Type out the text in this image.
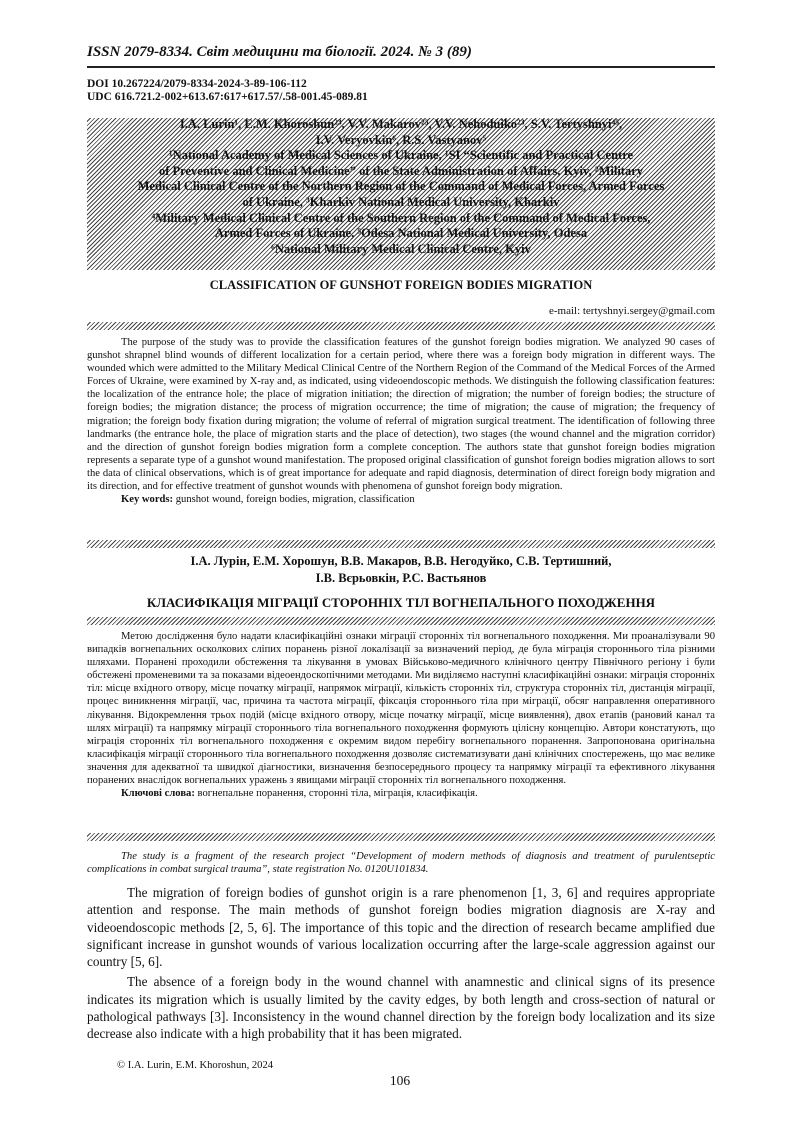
ISSN 2079-8334. Світ медицини та біології. 2024. № 3 (89)
DOI 10.267224/2079-8334-2024-3-89-106-112
UDC 616.721.2-002+613.67:617+617.57/.58-001.45-089.81
I.A. Lurin¹, E.M. Khoroshun²³, V.V. Makarov²³, V.V. Nehoduiko²³, S.V. Tertyshnyi⁴⁵,
I.V. Veryovkin⁶, R.S. Vastyanov⁵
¹National Academy of Medical Sciences of Ukraine, ¹SI “Scientific and Practical Centre
of Preventive and Clinical Medicine” of the State Administration of Affairs, Kyiv, ²Military
Medical Clinical Centre of the Northern Region of the Command of Medical Forces, Armed Forces
of Ukraine, ³Kharkiv National Medical University, Kharkiv
⁴Military Medical Clinical Centre of the Southern Region of the Command of Medical Forces,
Armed Forces of Ukraine, ⁵Odesa National Medical University, Odesa
⁶National Military Medical Clinical Centre, Kyiv
CLASSIFICATION OF GUNSHOT FOREIGN BODIES MIGRATION
e-mail: tertyshnyi.sergey@gmail.com
The purpose of the study was to provide the classification features of the gunshot foreign bodies migration. We analyzed 90 cases of gunshot shrapnel blind wounds of different localization for a certain period, where there was a foreign body migration in different ways. The wounded which were admitted to the Military Medical Clinical Centre of the Northern Region of the Command of the Medical Forces of the Armed Forces of Ukraine, were examined by X-ray and, as indicated, using videoendoscopic methods. We distinguish the following classification features: the localization of the entrance hole; the place of migration initiation; the direction of migration; the number of foreign bodies; the structure of foreign bodies; the migration distance; the process of migration occurrence; the time of migration; the cause of migration; the frequency of migration; the foreign body fixation during migration; the volume of referral of migration surgical treatment. The identification of following three landmarks (the entrance hole, the place of migration starts and the place of detection), two stages (the wound channel and the migration corridor) and the direction of gunshot foreign bodies migration form a complete conception. The authors state that gunshot foreign bodies migration represents a separate type of a gunshot wound manifestation. The proposed original classification of gunshot foreign bodies migration allows to sort the data of clinical observations, which is of great importance for adequate and rapid diagnosis, determination of direct foreign body migration and its direction, and for effective treatment of gunshot wounds with phenomena of gunshot foreign body migration.
Key words: gunshot wound, foreign bodies, migration, classification
І.А. Лурін, Е.М. Хорошун, В.В. Макаров, В.В. Негодуйко, С.В. Тертишний,
І.В. Вєрьовкін, Р.С. Вастьянов
КЛАСИФІКАЦІЯ МІГРАЦІЇ СТОРОННІХ ТІЛ ВОГНЕПАЛЬНОГО ПОХОДЖЕННЯ
Метою дослідження було надати класифікаційні ознаки міграції сторонніх тіл вогнепального походження. Ми проаналізували 90 випадків вогнепальних осколкових сліпих поранень різної локалізації за визначений період, де була міграція стороннього тіла різними шляхами. Поранені проходили обстеження та лікування в умовах Військово-медичного клінічного центру Північного регіону і були обстежені променевими та за показами відеоендоскопічними методами. Ми виділяємо наступні класифікаційні ознаки: міграція сторонніх тіл: місце вхідного отвору, місце початку міграції, напрямок міграції, кількість сторонніх тіл, структура сторонніх тіл, дистанція міграції, процес виникнення міграції, час, причина та частота міграції, фіксація стороннього тіла при міграції, обсяг направлення оперативного лікування. Відокремлення трьох подій (місце вхідного отвору, місце початку міграції, місце виявлення), двох етапів (рановий канал та шлях міграції) та напрямку міграції стороннього тіла вогнепального походження формують цілісну концепцію. Автори констатують, що міграція сторонніх тіл вогнепального походження є окремим видом перебігу вогнепального поранення. Запропонована оригінальна класифікація міграції стороннього тіла вогнепального походження дозволяє систематизувати дані клінічних спостережень, що має велике значення для адекватної та швидкої діагностики, визначення безпосереднього процесу та напрямку міграції та ефективного лікування поранених внаслідок вогнепальних уражень з явищами міграції сторонніх тіл вогнепального походження.
Ключові слова: вогнепальне поранення, сторонні тіла, міграція, класифікація.
The study is a fragment of the research project “Development of modern methods of diagnosis and treatment of purulentseptic complications in combat surgical trauma”, state registration No. 0120U101834.

The migration of foreign bodies of gunshot origin is a rare phenomenon [1, 3, 6] and requires appropriate attention and response. The main methods of gunshot foreign bodies migration diagnosis are X-ray and videoendoscopic methods [2, 5, 6]. The importance of this topic and the direction of research became amplified due significant increase in gunshot wounds of various localization occurring after the large-scale aggression against our country [5, 6].

The absence of a foreign body in the wound channel with anamnestic and clinical signs of its presence indicates its migration which is usually limited by the cavity edges, by both length and cross-section of natural or pathological pathways [3]. Inconsistency in the wound channel direction by the foreign body localization and its size decrease also indicate with a high probability that it has been migrated.

© I.A. Lurin, E.M. Khoroshun, 2024
106
